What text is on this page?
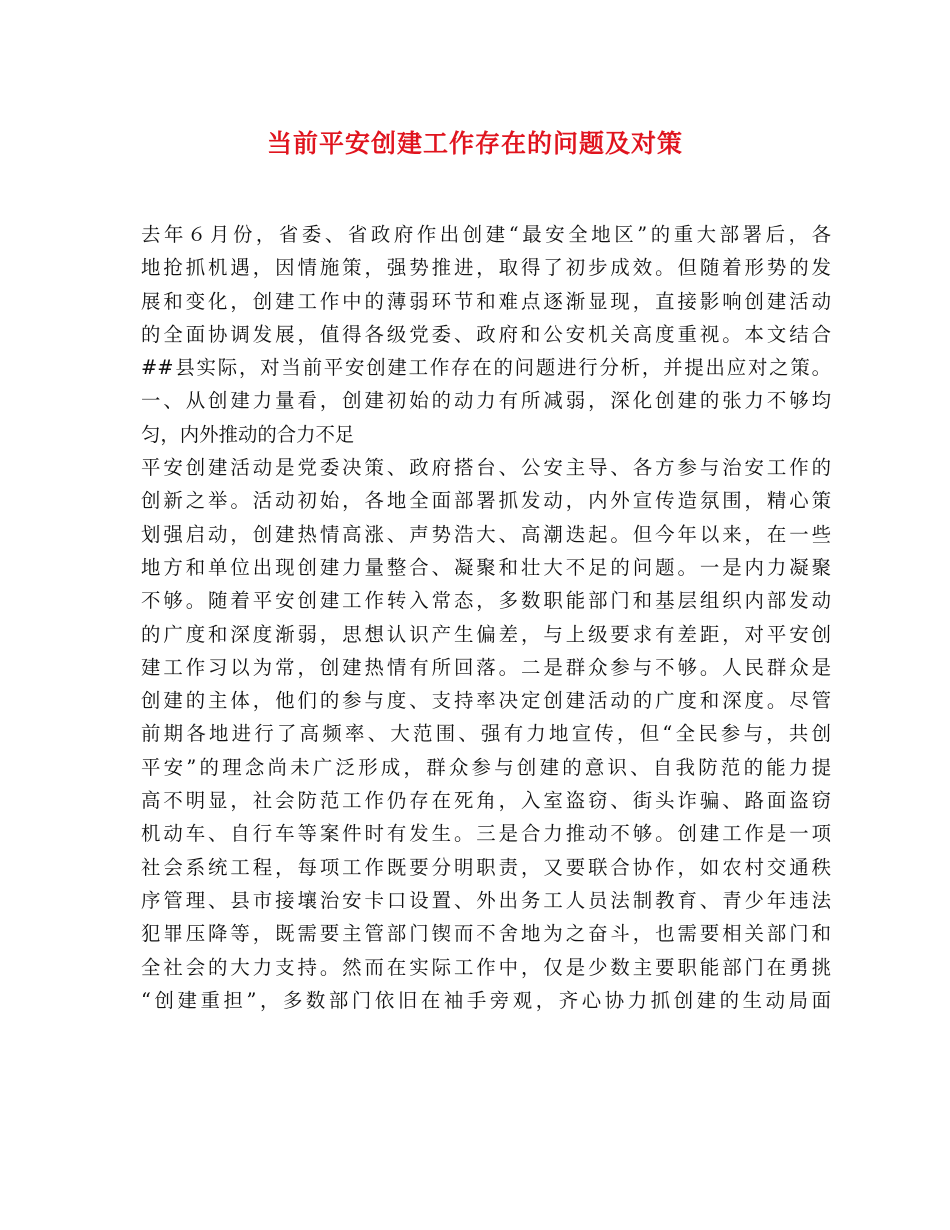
当前平安创建工作存在的问题及对策
去年６月份，省委、省政府作出创建“最安全地区”的重大部署后，各
地抢抓机遇，因情施策，强势推进，取得了初步成效。但随着形势的发
展和变化，创建工作中的薄弱环节和难点逐渐显现，直接影响创建活动
的全面协调发展，值得各级党委、政府和公安机关高度重视。本文结合
##县实际，对当前平安创建工作存在的问题进行分析，并提出应对之策。
一、从创建力量看，创建初始的动力有所减弱，深化创建的张力不够均
匀，内外推动的合力不足
平安创建活动是党委决策、政府搭台、公安主导、各方参与治安工作的
创新之举。活动初始，各地全面部署抓发动，内外宣传造氛围，精心策
划强启动，创建热情高涨、声势浩大、高潮迭起。但今年以来，在一些
地方和单位出现创建力量整合、凝聚和壮大不足的问题。一是内力凝聚
不够。随着平安创建工作转入常态，多数职能部门和基层组织内部发动
的广度和深度渐弱，思想认识产生偏差，与上级要求有差距，对平安创
建工作习以为常，创建热情有所回落。二是群众参与不够。人民群众是
创建的主体，他们的参与度、支持率决定创建活动的广度和深度。尽管
前期各地进行了高频率、大范围、强有力地宣传，但“全民参与，共创
平安”的理念尚未广泛形成，群众参与创建的意识、自我防范的能力提
高不明显，社会防范工作仍存在死角，入室盗窃、街头诈骗、路面盗窃
机动车、自行车等案件时有发生。三是合力推动不够。创建工作是一项
社会系统工程，每项工作既要分明职责，又要联合协作，如农村交通秩
序管理、县市接壤治安卡口设置、外出务工人员法制教育、青少年违法
犯罪压降等，既需要主管部门锲而不舍地为之奋斗，也需要相关部门和
全社会的大力支持。然而在实际工作中，仅是少数主要职能部门在勇挑
“创建重担”，多数部门依旧在袖手旁观，齐心协力抓创建的生动局面
